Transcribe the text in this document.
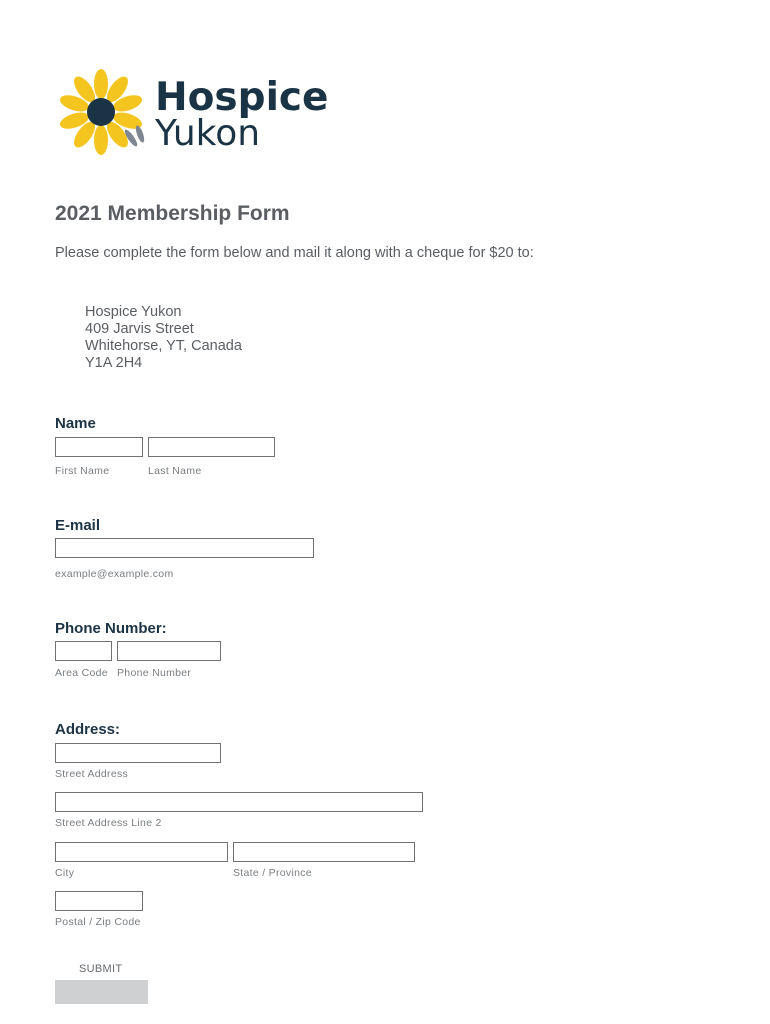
Hospice
Yukon
2021 Membership Form
Please complete the form below and mail it along with a cheque for $20 to:
Hospice Yukon
409 Jarvis Street
Whitehorse, YT, Canada
Y1A 2H4
Name
First Name	Last Name
E-mail
example@example.com
Phone Number:
Area Code Phone Number
Address:
Street Address
Street Address Line 2
City	State / Province
Postal / Zip Code
SUBMIT
